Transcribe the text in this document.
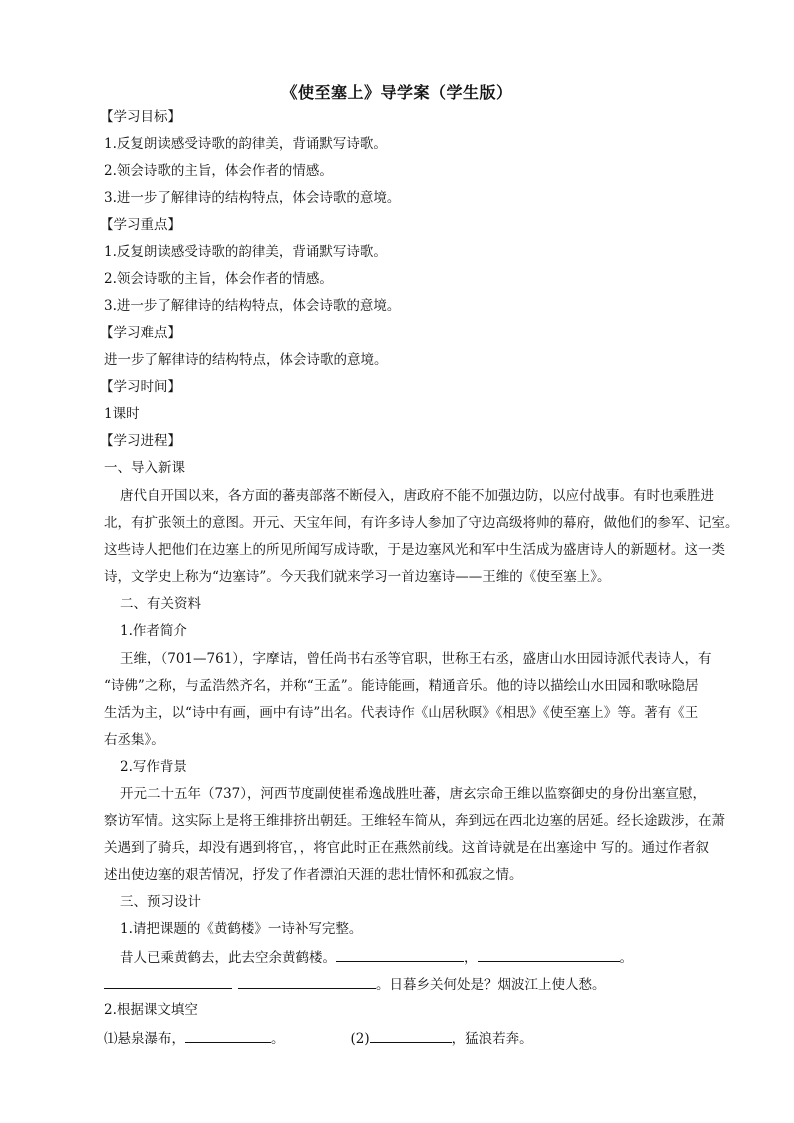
《使至塞上》导学案（学生版）
【学习目标】
1.反复朗读感受诗歌的韵律美，背诵默写诗歌。
2.领会诗歌的主旨，体会作者的情感。
3.进一步了解律诗的结构特点，体会诗歌的意境。
【学习重点】
1.反复朗读感受诗歌的韵律美，背诵默写诗歌。
2.领会诗歌的主旨，体会作者的情感。
3.进一步了解律诗的结构特点，体会诗歌的意境。
【学习难点】
进一步了解律诗的结构特点，体会诗歌的意境。
【学习时间】
1课时
【学习进程】
一、导入新课
唐代自开国以来，各方面的蕃夷部落不断侵入，唐政府不能不加强边防，以应付战事。有时也乘胜进
北，有扩张领土的意图。开元、天宝年间，有许多诗人参加了守边高级将帅的幕府，做他们的参军、记室。
这些诗人把他们在边塞上的所见所闻写成诗歌，于是边塞风光和军中生活成为盛唐诗人的新题材。这一类
诗，文学史上称为“边塞诗”。今天我们就来学习一首边塞诗——王维的《使至塞上》。
二、有关资料
1.作者简介
王维，（701—761），字摩诘，曾任尚书右丞等官职，世称王右丞，盛唐山水田园诗派代表诗人，有
“诗佛”之称，与孟浩然齐名，并称“王孟”。能诗能画，精通音乐。他的诗以描绘山水田园和歌咏隐居
生活为主，以“诗中有画，画中有诗”出名。代表诗作《山居秋暝》《相思》《使至塞上》等。著有《王
右丞集》。
2.写作背景
开元二十五年（737），河西节度副使崔希逸战胜吐蕃，唐玄宗命王维以监察御史的身份出塞宣慰，
察访军情。这实际上是将王维排挤出朝廷。王维轻车简从，奔到远在西北边塞的居延。经长途跋涉，在萧
关遇到了骑兵，却没有遇到将官，，将官此时正在燕然前线。这首诗就是在出塞途中 写的。通过作者叙
述出使边塞的艰苦情况，抒发了作者漂泊天涯的悲壮情怀和孤寂之情。
三、预习设计
1.请把课题的《黄鹤楼》一诗补写完整。
昔人已乘黄鹤去，此去空余黄鹤楼。	，	。
。日暮乡关何处是？烟波江上使人愁。
2.根据课文填空
⑴悬泉瀑布，	。	(2)	，猛浪若奔。
